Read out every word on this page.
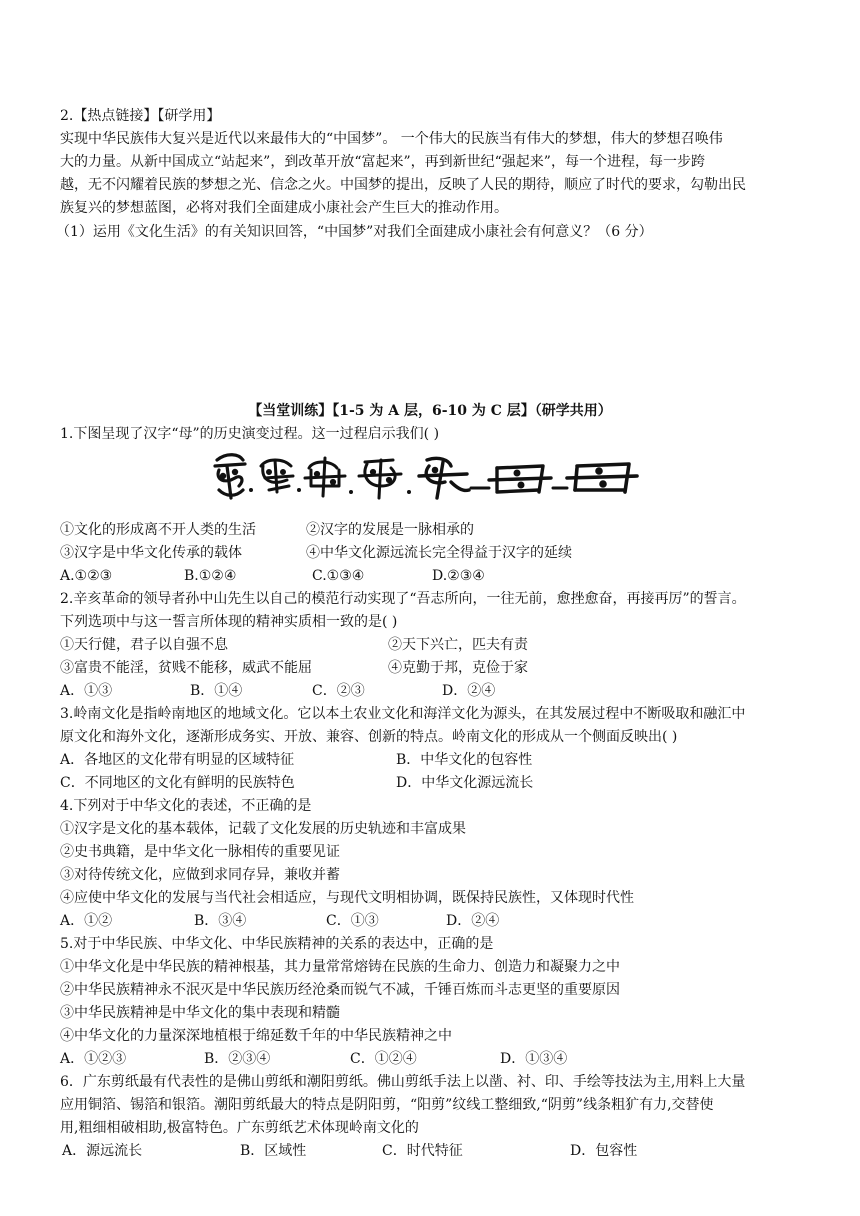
2.【热点链接】【研学用】
实现中华民族伟大复兴是近代以来最伟大的“中国梦”。 一个伟大的民族当有伟大的梦想，伟大的梦想召唤伟
大的力量。从新中国成立“站起来”，到改革开放“富起来”，再到新世纪“强起来”，每一个进程，每一步跨
越，无不闪耀着民族的梦想之光、信念之火。中国梦的提出，反映了人民的期待，顺应了时代的要求，勾勒出民
族复兴的梦想蓝图，必将对我们全面建成小康社会产生巨大的推动作用。
（1）运用《文化生活》的有关知识回答，“中国梦”对我们全面建成小康社会有何意义？（6 分）
【当堂训练】【1-5 为 A 层，6-10 为 C 层】（研学共用）
1.下图呈现了汉字“母”的历史演变过程。这一过程启示我们( )
①文化的形成离不开人类的生活	②汉字的发展是一脉相承的
③汉字是中华文化传承的载体	④中华文化源远流长完全得益于汉字的延续
A.①②③	B.①②④	C.①③④	D.②③④
2.辛亥革命的领导者孙中山先生以自己的模范行动实现了“吾志所向，一往无前，愈挫愈奋，再接再厉”的誓言。
下列选项中与这一誓言所体现的精神实质相一致的是( )
①天行健，君子以自强不息	②天下兴亡，匹夫有责
③富贵不能淫，贫贱不能移，威武不能屈	④克勤于邦，克俭于家
A．①③	B．①④	C．②③	D．②④
3.岭南文化是指岭南地区的地域文化。它以本土农业文化和海洋文化为源头，在其发展过程中不断吸取和融汇中
原文化和海外文化，逐渐形成务实、开放、兼容、创新的特点。岭南文化的形成从一个侧面反映出( )
A．各地区的文化带有明显的区域特征	B．中华文化的包容性
C．不同地区的文化有鲜明的民族特色	D．中华文化源远流长
4.下列对于中华文化的表述，不正确的是
①汉字是文化的基本载体，记载了文化发展的历史轨迹和丰富成果
②史书典籍，是中华文化一脉相传的重要见证
③对待传统文化，应做到求同存异，兼收并蓄
④应使中华文化的发展与当代社会相适应，与现代文明相协调，既保持民族性，又体现时代性
A．①②	B．③④	C．①③	D．②④
5.对于中华民族、中华文化、中华民族精神的关系的表达中，正确的是
①中华文化是中华民族的精神根基，其力量常常熔铸在民族的生命力、创造力和凝聚力之中
②中华民族精神永不泯灭是中华民族历经沧桑而锐气不减，千锤百炼而斗志更坚的重要原因
③中华民族精神是中华文化的集中表现和精髓
④中华文化的力量深深地植根于绵延数千年的中华民族精神之中
A．①②③	B．②③④	C．①②④	D．①③④
6．广东剪纸最有代表性的是佛山剪纸和潮阳剪纸。佛山剪纸手法上以凿、衬、印、手绘等技法为主,用料上大量
应用铜箔、锡箔和银箔。潮阳剪纸最大的特点是阴阳剪，“阳剪”纹线工整细致,“阴剪”线条粗犷有力,交替使
用,粗细相破相助,极富特色。广东剪纸艺术体现岭南文化的
A．源远流长	B．区域性	C．时代特征	D．包容性
